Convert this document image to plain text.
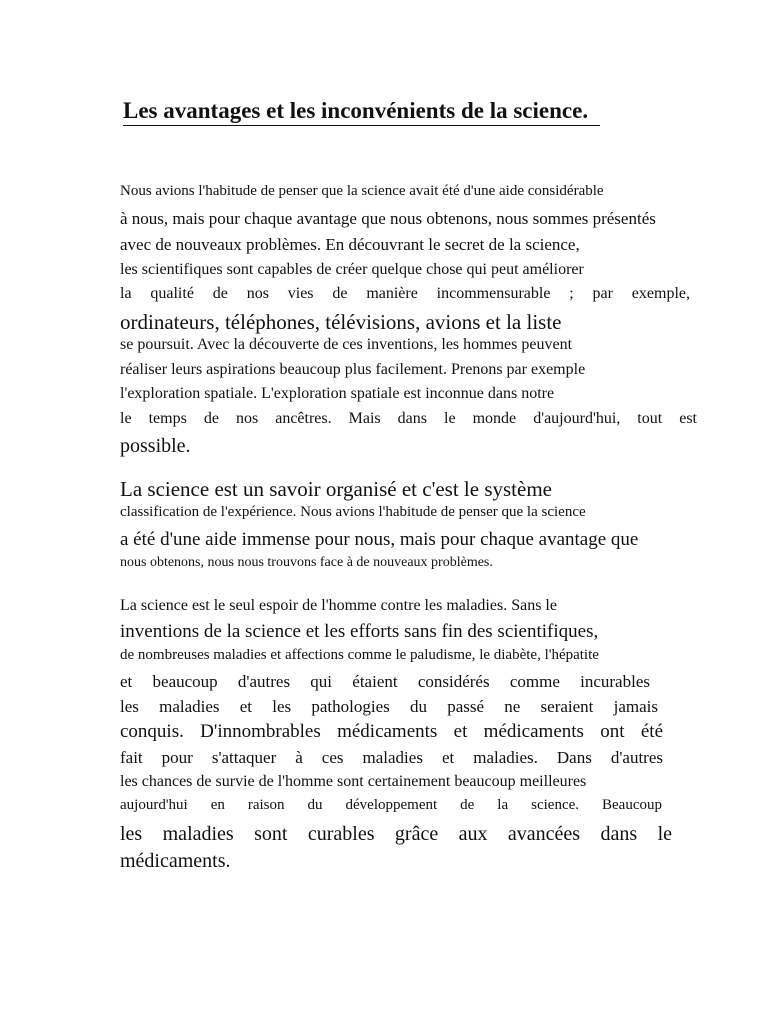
Les avantages et les inconvénients de la science.
Nous avions l'habitude de penser que la science avait été d'une aide considérable
à nous, mais pour chaque avantage que nous obtenons, nous sommes présentés
avec de nouveaux problèmes. En découvrant le secret de la science,
les scientifiques sont capables de créer quelque chose qui peut améliorer
la qualité de nos vies de manière incommensurable ; par exemple,
ordinateurs, téléphones, télévisions, avions et la liste
se poursuit. Avec la découverte de ces inventions, les hommes peuvent
réaliser leurs aspirations beaucoup plus facilement. Prenons par exemple
l'exploration spatiale. L'exploration spatiale est inconnue dans notre
le temps de nos ancêtres. Mais dans le monde d'aujourd'hui, tout est
possible.
La science est un savoir organisé et c'est le système
classification de l'expérience. Nous avions l'habitude de penser que la science
a été d'une aide immense pour nous, mais pour chaque avantage que
nous obtenons, nous nous trouvons face à de nouveaux problèmes.
La science est le seul espoir de l'homme contre les maladies. Sans le
inventions de la science et les efforts sans fin des scientifiques,
de nombreuses maladies et affections comme le paludisme, le diabète, l'hépatite
et beaucoup d'autres qui étaient considérés comme incurables
les maladies et les pathologies du passé ne seraient jamais
conquis. D'innombrables médicaments et médicaments ont été
fait pour s'attaquer à ces maladies et maladies. Dans d'autres
les chances de survie de l'homme sont certainement beaucoup meilleures
aujourd'hui en raison du développement de la science. Beaucoup
les maladies sont curables grâce aux avancées dans le
médicaments.
